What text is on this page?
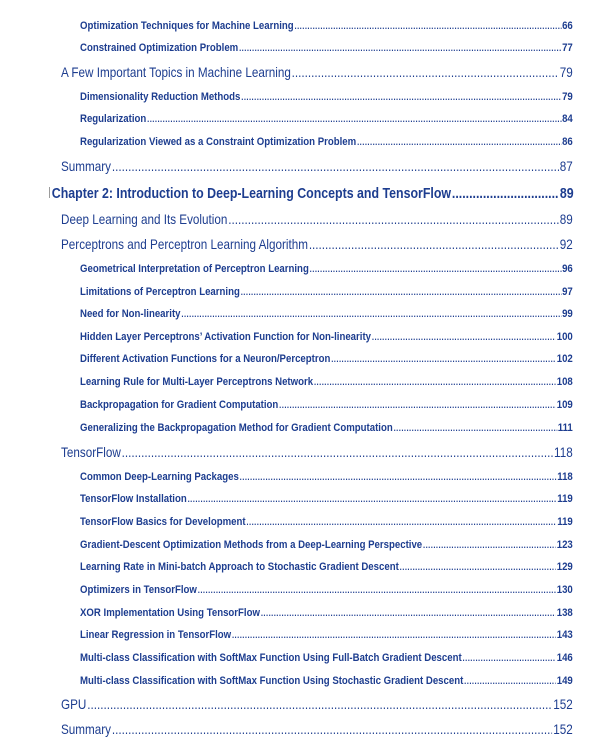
Optimization Techniques for Machine Learning .....	66
Constrained Optimization Problem .....	77
A Few Important Topics in Machine Learning .....	79
Dimensionality Reduction Methods .....	79
Regularization .....	84
Regularization Viewed as a Constraint Optimization Problem .....	86
Summary .....	87
Chapter 2: Introduction to Deep-Learning Concepts and TensorFlow .....	89
Deep Learning and Its Evolution .....	89
Perceptrons and Perceptron Learning Algorithm .....	92
Geometrical Interpretation of Perceptron Learning .....	96
Limitations of Perceptron Learning .....	97
Need for Non-linearity .....	99
Hidden Layer Perceptrons’ Activation Function for Non-linearity .....	100
Different Activation Functions for a Neuron/Perceptron .....	102
Learning Rule for Multi-Layer Perceptrons Network .....	108
Backpropagation for Gradient Computation .....	109
Generalizing the Backpropagation Method for Gradient Computation .....	111
TensorFlow .....	118
Common Deep-Learning Packages .....	118
TensorFlow Installation .....	119
TensorFlow Basics for Development .....	119
Gradient-Descent Optimization Methods from a Deep-Learning Perspective .....	123
Learning Rate in Mini-batch Approach to Stochastic Gradient Descent .....	129
Optimizers in TensorFlow .....	130
XOR Implementation Using TensorFlow .....	138
Linear Regression in TensorFlow .....	143
Multi-class Classification with SoftMax Function Using Full-Batch Gradient Descent .....	146
Multi-class Classification with SoftMax Function Using Stochastic Gradient Descent .....	149
GPU .....	152
Summary .....	152
